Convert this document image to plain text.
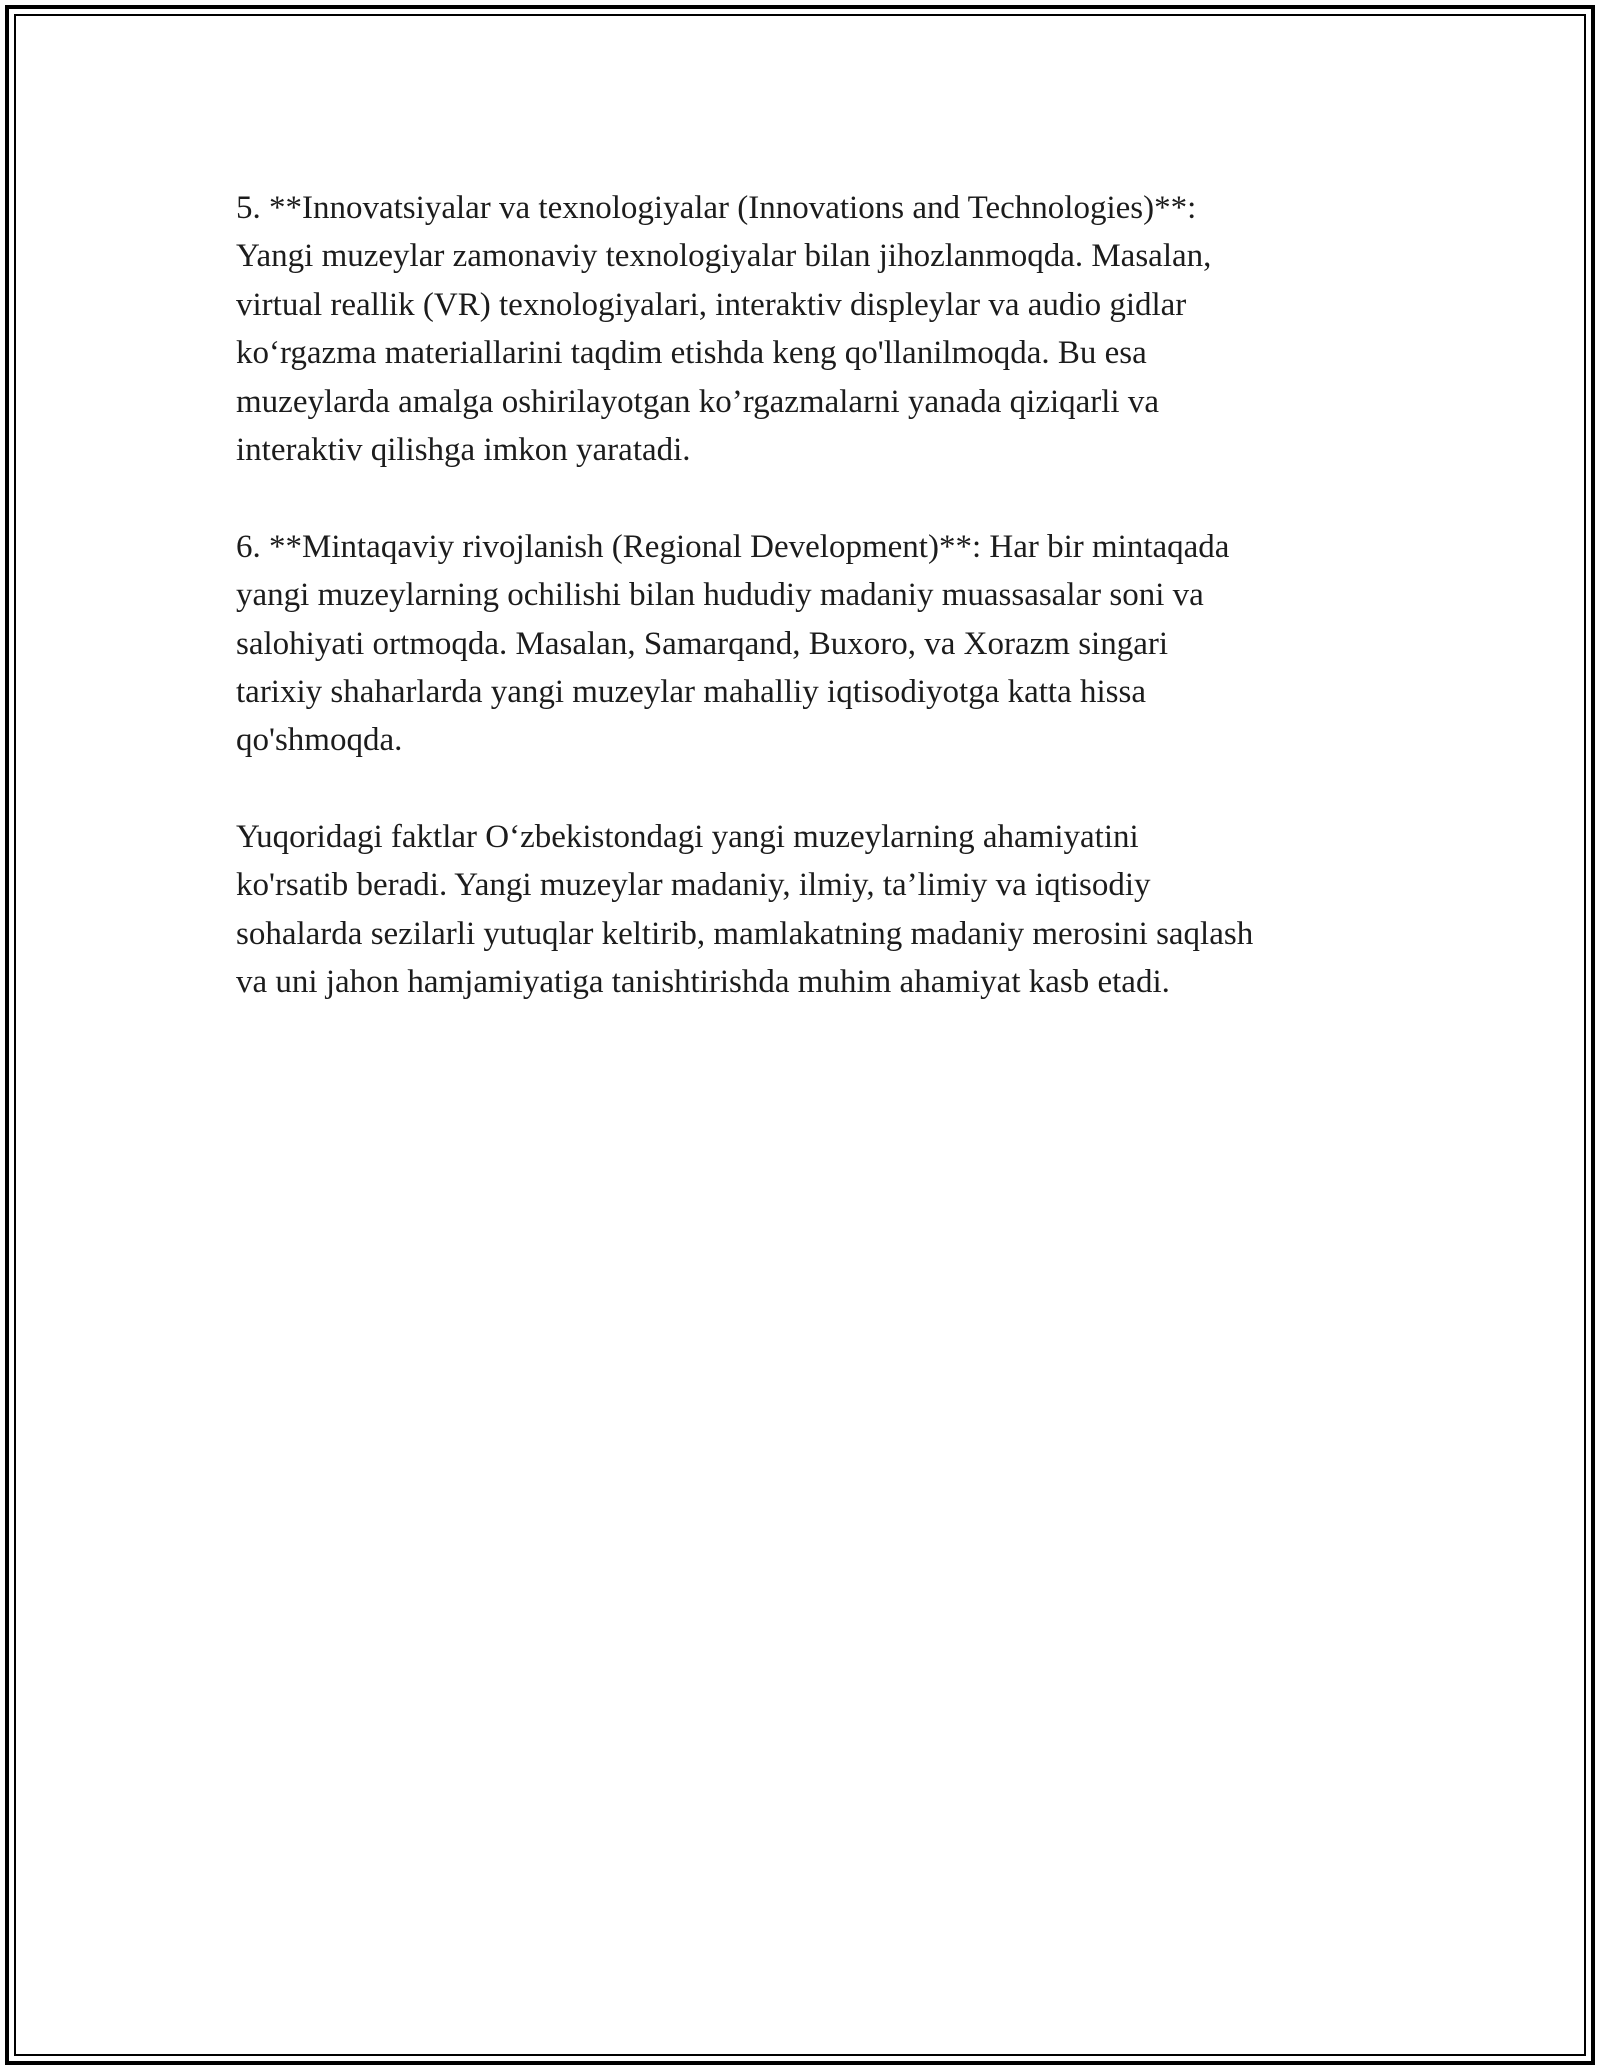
5. **Innovatsiyalar va texnologiyalar (Innovations and Technologies)**:
Yangi muzeylar zamonaviy texnologiyalar bilan jihozlanmoqda. Masalan,
virtual reallik (VR) texnologiyalari, interaktiv displeylar va audio gidlar
ko‘rgazma materiallarini taqdim etishda keng qo'llanilmoqda. Bu esa
muzeylarda amalga oshirilayotgan ko’rgazmalarni yanada qiziqarli va
interaktiv qilishga imkon yaratadi.

6. **Mintaqaviy rivojlanish (Regional Development)**: Har bir mintaqada
yangi muzeylarning ochilishi bilan hududiy madaniy muassasalar soni va
salohiyati ortmoqda. Masalan, Samarqand, Buxoro, va Xorazm singari
tarixiy shaharlarda yangi muzeylar mahalliy iqtisodiyotga katta hissa
qo'shmoqda.

Yuqoridagi faktlar O‘zbekistondagi yangi muzeylarning ahamiyatini
ko'rsatib beradi. Yangi muzeylar madaniy, ilmiy, ta’limiy va iqtisodiy
sohalarda sezilarli yutuqlar keltirib, mamlakatning madaniy merosini saqlash
va uni jahon hamjamiyatiga tanishtirishda muhim ahamiyat kasb etadi.
